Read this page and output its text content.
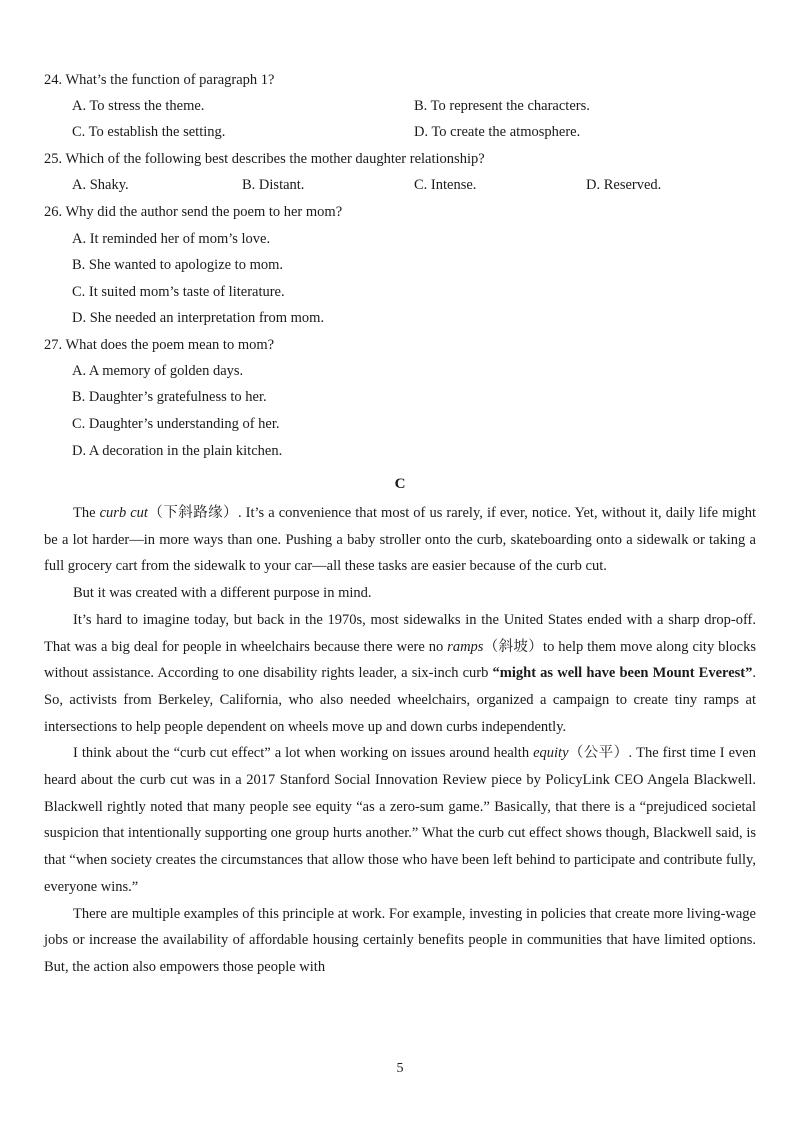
24. What’s the function of paragraph 1?
A. To stress the theme.	B. To represent the characters.
C. To establish the setting.	D. To create the atmosphere.
25. Which of the following best describes the mother daughter relationship?
A. Shaky.	B. Distant.	C. Intense.	D. Reserved.
26. Why did the author send the poem to her mom?
A. It reminded her of mom’s love.
B. She wanted to apologize to mom.
C. It suited mom’s taste of literature.
D. She needed an interpretation from mom.
27. What does the poem mean to mom?
A. A memory of golden days.
B. Daughter’s gratefulness to her.
C. Daughter’s understanding of her.
D. A decoration in the plain kitchen.
C

The curb cut（下斜路缘）. It’s a convenience that most of us rarely, if ever, notice. Yet, without it, daily life might be a lot harder—in more ways than one. Pushing a baby stroller onto the curb, skateboarding onto a sidewalk or taking a full grocery cart from the sidewalk to your car—all these tasks are easier because of the curb cut.

But it was created with a different purpose in mind.

It’s hard to imagine today, but back in the 1970s, most sidewalks in the United States ended with a sharp drop-off. That was a big deal for people in wheelchairs because there were no ramps（斜坡）to help them move along city blocks without assistance. According to one disability rights leader, a six-inch curb “might as well have been Mount Everest”. So, activists from Berkeley, California, who also needed wheelchairs, organized a campaign to create tiny ramps at intersections to help people dependent on wheels move up and down curbs independently.

I think about the “curb cut effect” a lot when working on issues around health equity（公平）. The first time I even heard about the curb cut was in a 2017 Stanford Social Innovation Review piece by PolicyLink CEO Angela Blackwell. Blackwell rightly noted that many people see equity “as a zero-sum game.” Basically, that there is a “prejudiced societal suspicion that intentionally supporting one group hurts another.” What the curb cut effect shows though, Blackwell said, is that “when society creates the circumstances that allow those who have been left behind to participate and contribute fully, everyone wins.”

There are multiple examples of this principle at work. For example, investing in policies that create more living-wage jobs or increase the availability of affordable housing certainly benefits people in communities that have limited options. But, the action also empowers those people with

5
